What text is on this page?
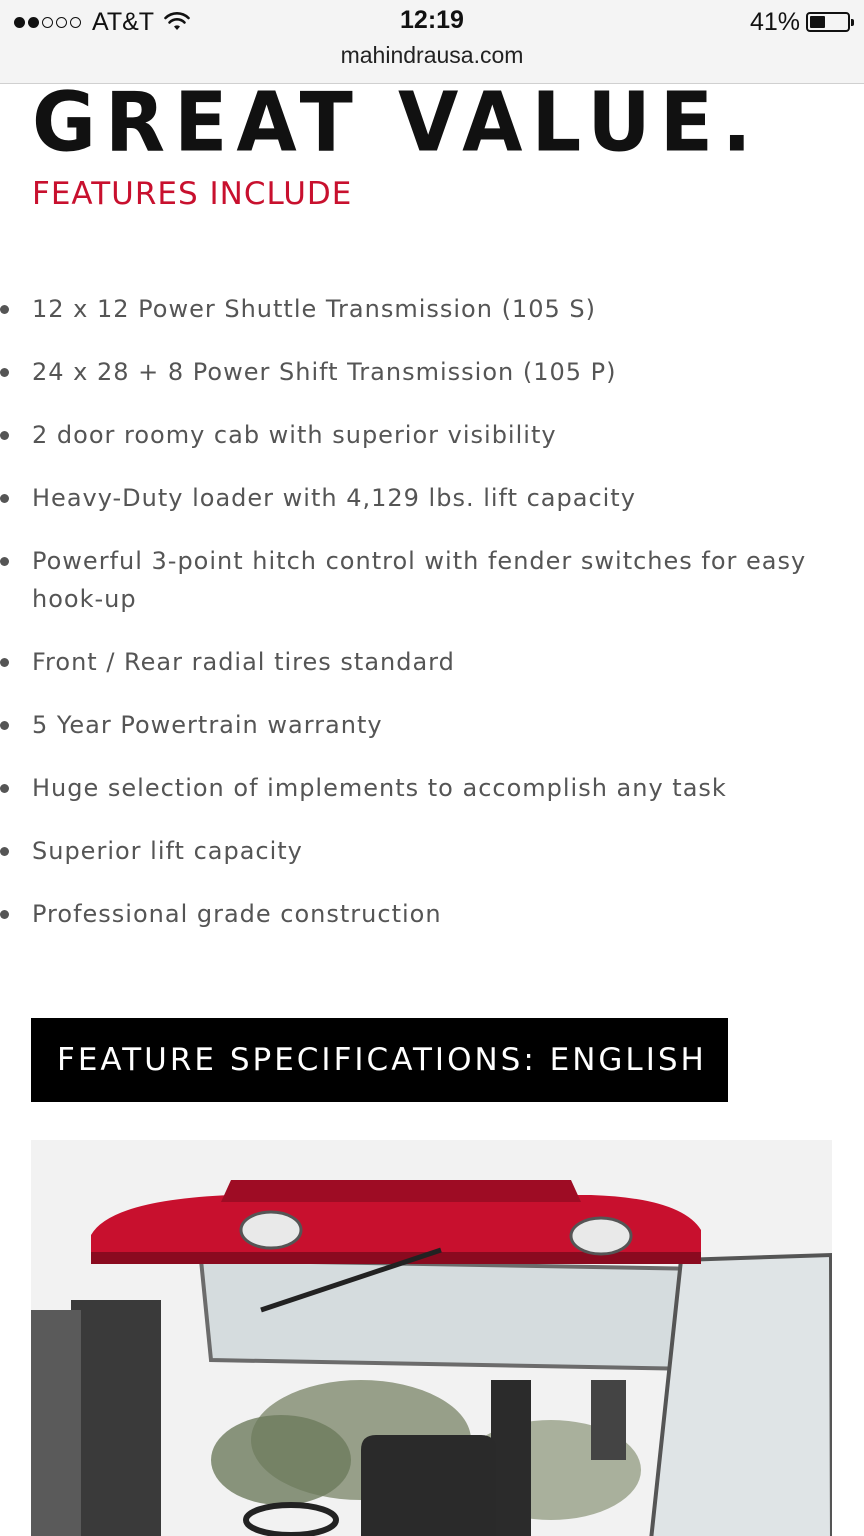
AT&T	12:19
mahindrausa.com
41%
GREAT VALUE.
FEATURES INCLUDE
12 x 12 Power Shuttle Transmission (105 S)
24 x 28 + 8 Power Shift Transmission (105 P)
2 door roomy cab with superior visibility
Heavy-Duty loader with 4,129 lbs. lift capacity
Powerful 3-point hitch control with fender switches for easy hook-up
Front / Rear radial tires standard
5 Year Powertrain warranty
Huge selection of implements to accomplish any task
Superior lift capacity
Professional grade construction
FEATURE SPECIFICATIONS: ENGLISH
